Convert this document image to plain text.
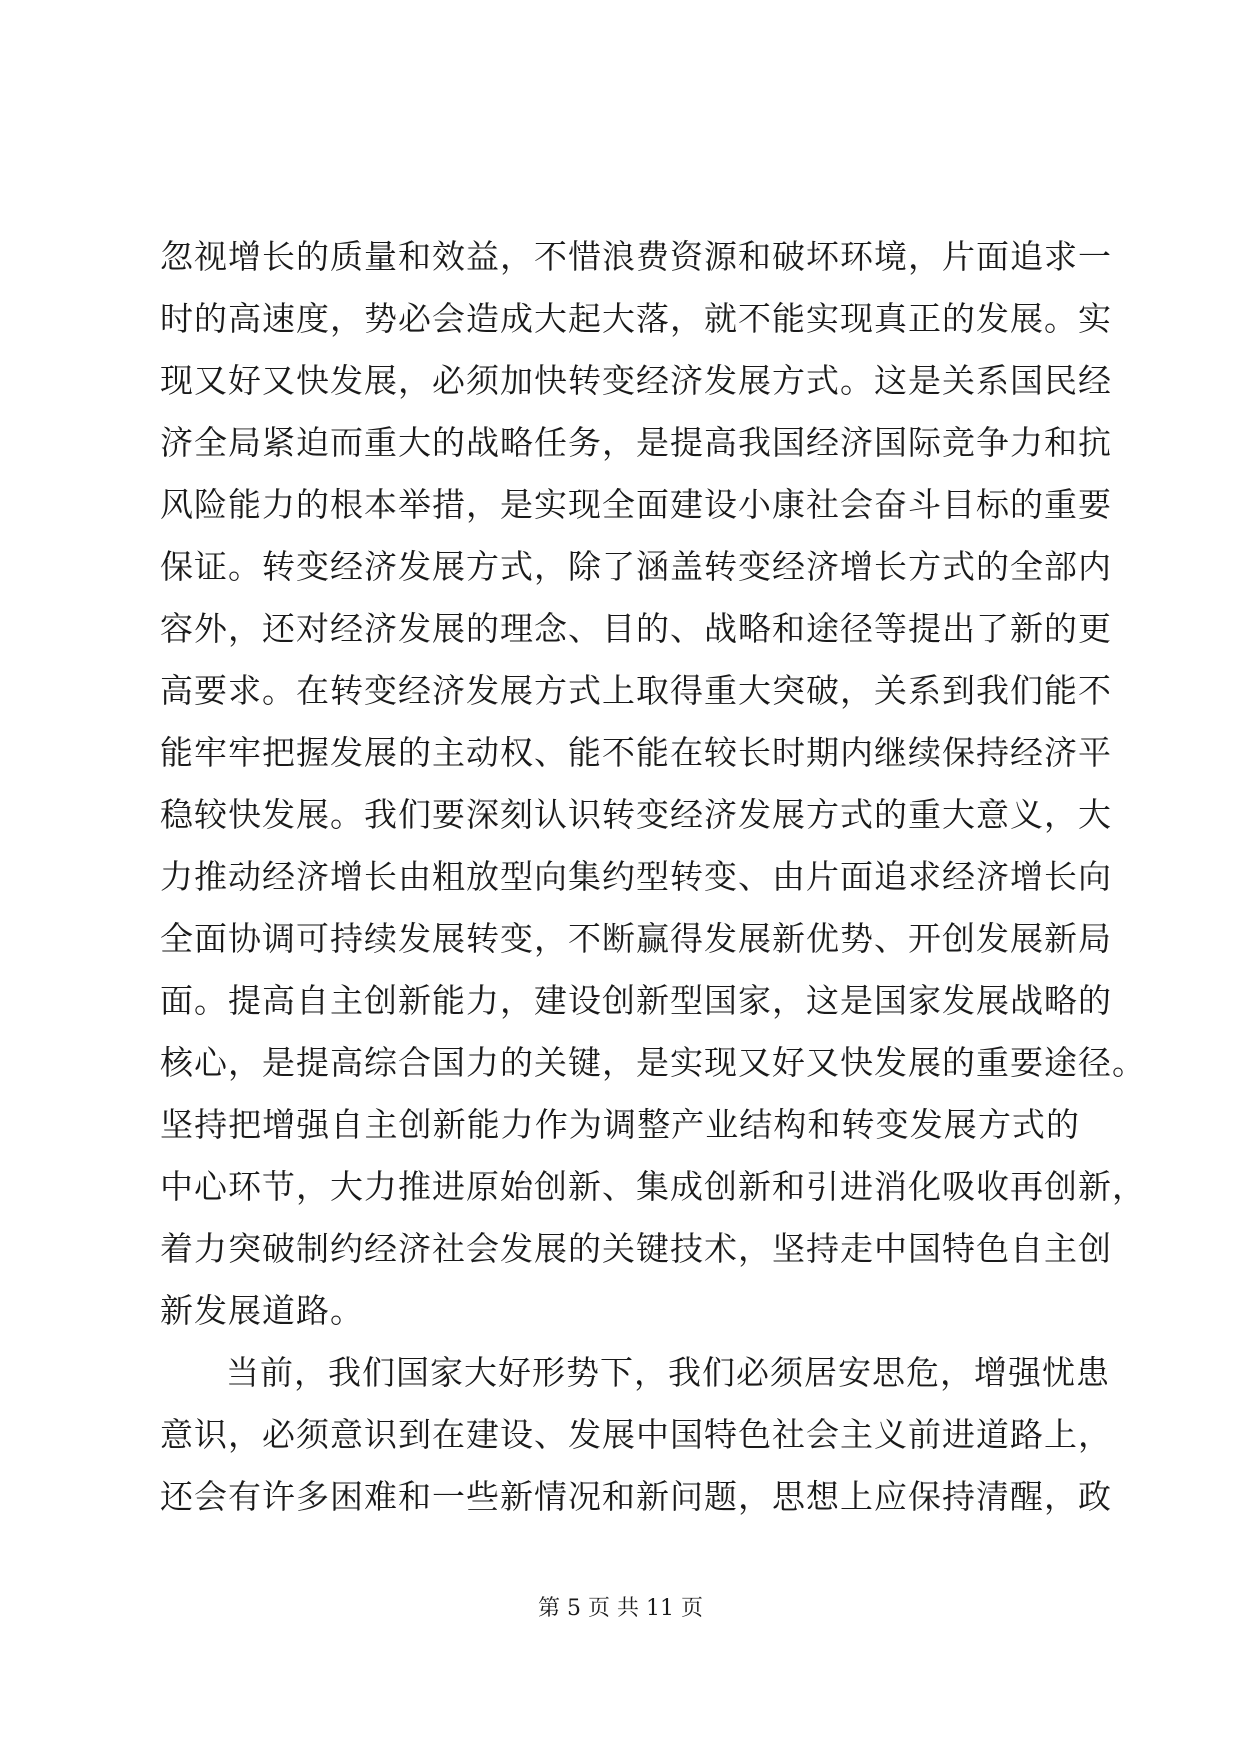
忽视增长的质量和效益，不惜浪费资源和破坏环境，片面追求一
时的高速度，势必会造成大起大落，就不能实现真正的发展。实
现又好又快发展，必须加快转变经济发展方式。这是关系国民经
济全局紧迫而重大的战略任务，是提高我国经济国际竞争力和抗
风险能力的根本举措，是实现全面建设小康社会奋斗目标的重要
保证。转变经济发展方式，除了涵盖转变经济增长方式的全部内
容外，还对经济发展的理念、目的、战略和途径等提出了新的更
高要求。在转变经济发展方式上取得重大突破，关系到我们能不
能牢牢把握发展的主动权、能不能在较长时期内继续保持经济平
稳较快发展。我们要深刻认识转变经济发展方式的重大意义，大
力推动经济增长由粗放型向集约型转变、由片面追求经济增长向
全面协调可持续发展转变，不断赢得发展新优势、开创发展新局
面。提高自主创新能力，建设创新型国家，这是国家发展战略的
核心，是提高综合国力的关键，是实现又好又快发展的重要途径。
坚持把增强自主创新能力作为调整产业结构和转变发展方式的
中心环节，大力推进原始创新、集成创新和引进消化吸收再创新，
着力突破制约经济社会发展的关键技术，坚持走中国特色自主创
新发展道路。
当前，我们国家大好形势下，我们必须居安思危，增强忧患
意识，必须意识到在建设、发展中国特色社会主义前进道路上，
还会有许多困难和一些新情况和新问题，思想上应保持清醒，政
第 5 页 共 11 页
